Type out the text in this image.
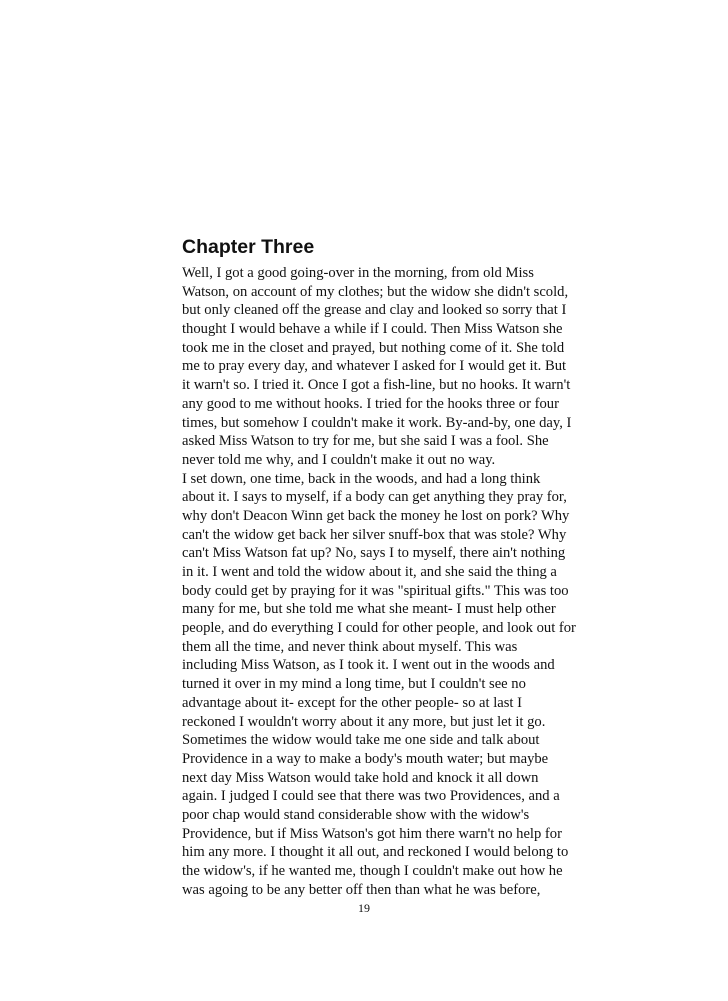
Chapter Three
Well, I got a good going-over in the morning, from old Miss
Watson, on account of my clothes; but the widow she didn't scold,
but only cleaned off the grease and clay and looked so sorry that I
thought I would behave a while if I could. Then Miss Watson she
took me in the closet and prayed, but nothing come of it. She told
me to pray every day, and whatever I asked for I would get it. But
it warn't so. I tried it. Once I got a fish-line, but no hooks. It warn't
any good to me without hooks. I tried for the hooks three or four
times, but somehow I couldn't make it work. By-and-by, one day, I
asked Miss Watson to try for me, but she said I was a fool. She
never told me why, and I couldn't make it out no way.
I set down, one time, back in the woods, and had a long think
about it. I says to myself, if a body can get anything they pray for,
why don't Deacon Winn get back the money he lost on pork? Why
can't the widow get back her silver snuff-box that was stole? Why
can't Miss Watson fat up? No, says I to myself, there ain't nothing
in it. I went and told the widow about it, and she said the thing a
body could get by praying for it was "spiritual gifts." This was too
many for me, but she told me what she meant- I must help other
people, and do everything I could for other people, and look out for
them all the time, and never think about myself. This was
including Miss Watson, as I took it. I went out in the woods and
turned it over in my mind a long time, but I couldn't see no
advantage about it- except for the other people- so at last I
reckoned I wouldn't worry about it any more, but just let it go.
Sometimes the widow would take me one side and talk about
Providence in a way to make a body's mouth water; but maybe
next day Miss Watson would take hold and knock it all down
again. I judged I could see that there was two Providences, and a
poor chap would stand considerable show with the widow's
Providence, but if Miss Watson's got him there warn't no help for
him any more. I thought it all out, and reckoned I would belong to
the widow's, if he wanted me, though I couldn't make out how he
was agoing to be any better off then than what he was before,
19
